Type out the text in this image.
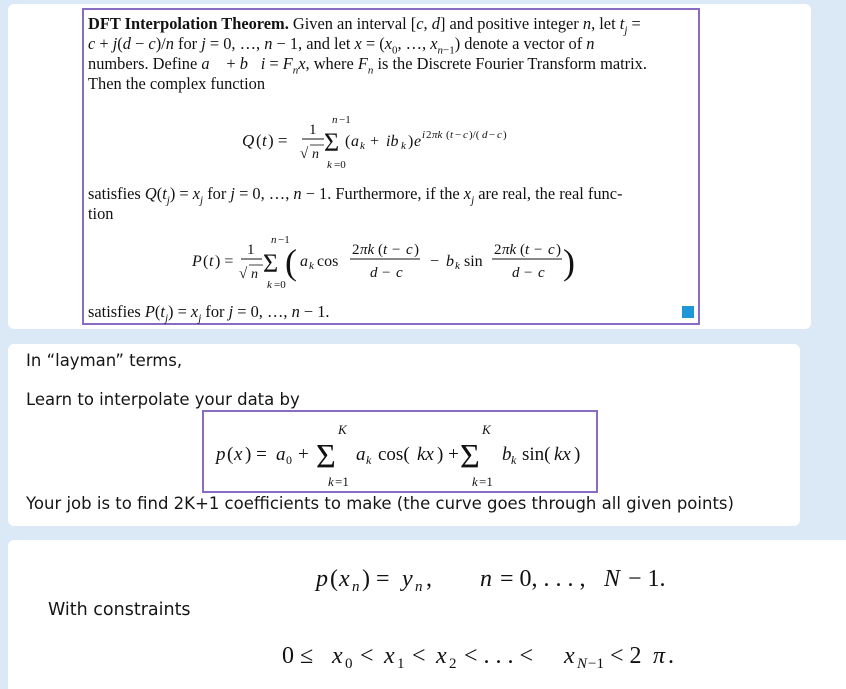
DFT Interpolation Theorem. Given an interval [c, d] and positive integer n, let $t_j$ =
c + j(d − c)/n for j = 0, …, n − 1, and let $x = (x_0$, …, $x_{n-1}$) denote a vector of n
numbers. Define a⃗ + b⃗i = $F_nx$, where $F_n$ is the Discrete Fourier Transform matrix.
Then the complex function
Q ( t ) =
1
√ n
n −1
Σ
k =0
( a k + ib k ) e i 2 πk ( t − c )/( d − c )
satisfies $Q(t_j) = x_j$ for j = 0, …, n − 1. Furthermore, if the $x_j$ are real, the real func-
tion
P ( t ) =
1
√ n
n −1
Σ
k =0
( a k cos
2 πk ( t − c )
d − c
− b k sin
2 πk ( t − c )
d − c )
satisfies $P(t_j) = x_j$ for j = 0, …, n − 1.
In “layman” terms,
Learn to interpolate your data by
p ( x ) = a 0 +
K
Σ
k =1
a k cos( kx ) +
K
Σ
k =1
b k sin( kx )
Your job is to find 2K+1 coefficients to make (the curve goes through all given points)
p ( x n ) = y n , n = 0, . . . , N − 1.
With constraints
0 ≤ x 0 < x 1 < x 2 < . . . < x N −1 < 2 π .
